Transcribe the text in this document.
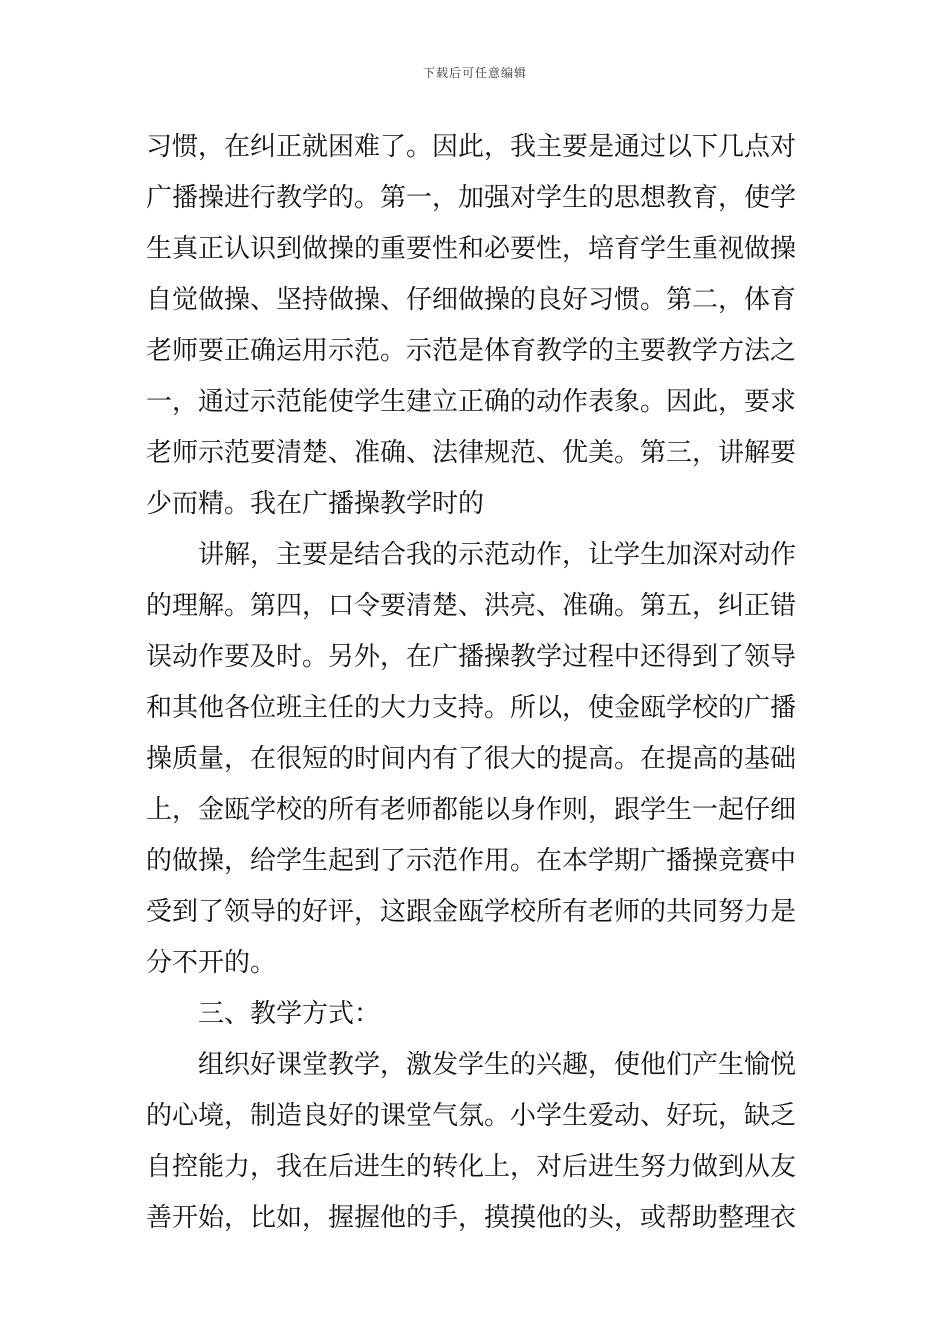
下载后可任意编辑
习惯，在纠正就困难了。因此，我主要是通过以下几点对
广播操进行教学的。第一，加强对学生的思想教育，使学
生真正认识到做操的重要性和必要性，培育学生重视做操
自觉做操、坚持做操、仔细做操的良好习惯。第二，体育
老师要正确运用示范。示范是体育教学的主要教学方法之
一，通过示范能使学生建立正确的动作表象。因此，要求
老师示范要清楚、准确、法律规范、优美。第三，讲解要
少而精。我在广播操教学时的
讲解，主要是结合我的示范动作，让学生加深对动作
的理解。第四，口令要清楚、洪亮、准确。第五，纠正错
误动作要及时。另外，在广播操教学过程中还得到了领导
和其他各位班主任的大力支持。所以，使金瓯学校的广播
操质量，在很短的时间内有了很大的提高。在提高的基础
上，金瓯学校的所有老师都能以身作则，跟学生一起仔细
的做操，给学生起到了示范作用。在本学期广播操竞赛中
受到了领导的好评，这跟金瓯学校所有老师的共同努力是
分不开的。
三、教学方式：
组织好课堂教学，激发学生的兴趣，使他们产生愉悦
的心境，制造良好的课堂气氛。小学生爱动、好玩，缺乏
自控能力，我在后进生的转化上，对后进生努力做到从友
善开始，比如，握握他的手，摸摸他的头，或帮助整理衣
